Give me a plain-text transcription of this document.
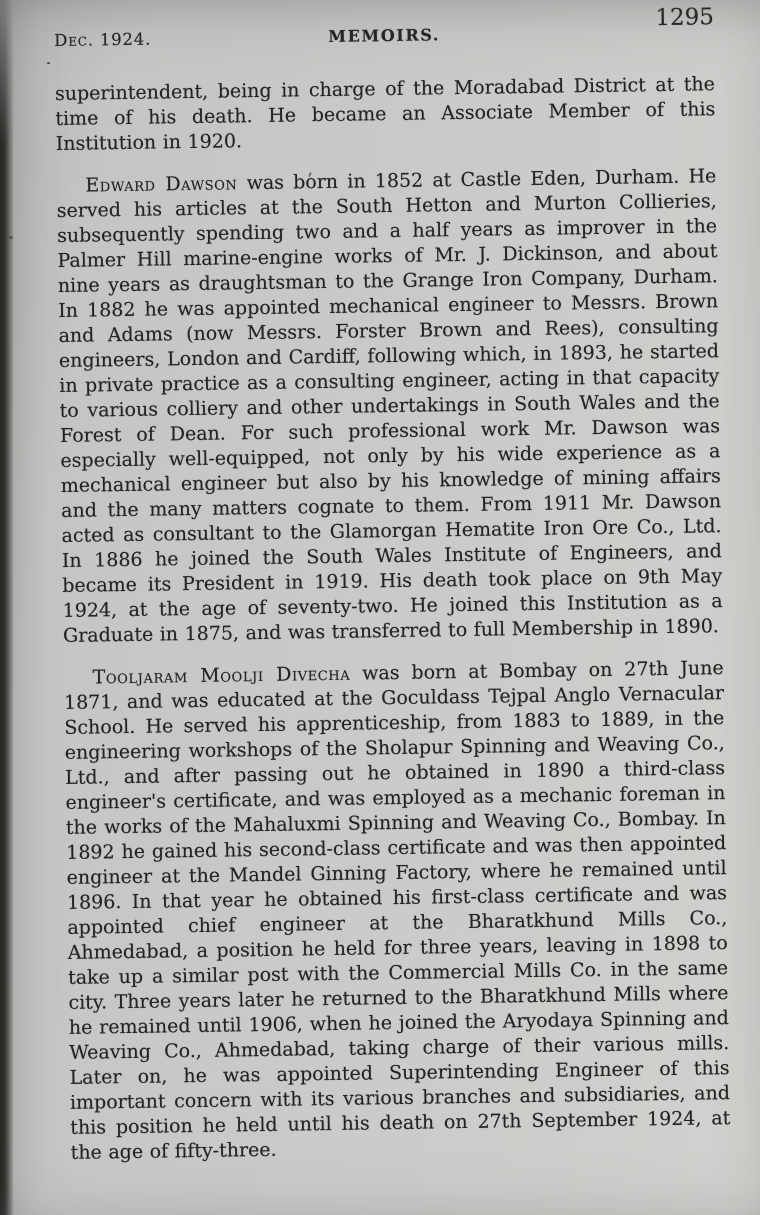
Dec. 1924.	MEMOIRS.
1295

superintendent, being in charge of the Moradabad District at the time of his death. He became an Associate Member of this Institution in 1920.

Edward Dawson was born in 1852 at Castle Eden, Durham. He served his articles at the South Hetton and Murton Collieries, subsequently spending two and a half years as improver in the Palmer Hill marine-engine works of Mr. J. Dickinson, and about nine years as draughtsman to the Grange Iron Company, Durham. In 1882 he was appointed mechanical engineer to Messrs. Brown and Adams (now Messrs. Forster Brown and Rees), consulting engineers, London and Cardiff, following which, in 1893, he started in private practice as a consulting engineer, acting in that capacity to various colliery and other undertakings in South Wales and the Forest of Dean. For such professional work Mr. Dawson was especially well-equipped, not only by his wide experience as a mechanical engineer but also by his knowledge of mining affairs and the many matters cognate to them. From 1911 Mr. Dawson acted as consultant to the Glamorgan Hematite Iron Ore Co., Ltd. In 1886 he joined the South Wales Institute of Engineers, and became its President in 1919. His death took place on 9th May 1924, at the age of seventy-two. He joined this Institution as a Graduate in 1875, and was transferred to full Membership in 1890.

Tooljaram Moolji Divecha was born at Bombay on 27th June 1871, and was educated at the Goculdass Tejpal Anglo Vernacular School. He served his apprenticeship, from 1883 to 1889, in the engineering workshops of the Sholapur Spinning and Weaving Co., Ltd., and after passing out he obtained in 1890 a third-class engineer's certificate, and was employed as a mechanic foreman in the works of the Mahaluxmi Spinning and Weaving Co., Bombay. In 1892 he gained his second-class certificate and was then appointed engineer at the Mandel Ginning Factory, where he remained until 1896. In that year he obtained his first-class certificate and was appointed chief engineer at the Bharatkhund Mills Co., Ahmedabad, a position he held for three years, leaving in 1898 to take up a similar post with the Commercial Mills Co. in the same city. Three years later he returned to the Bharatkhund Mills where he remained until 1906, when he joined the Aryodaya Spinning and Weaving Co., Ahmedabad, taking charge of their various mills. Later on, he was appointed Superintending Engineer of this important concern with its various branches and subsidiaries, and this position he held until his death on 27th September 1924, at the age of fifty-three.
